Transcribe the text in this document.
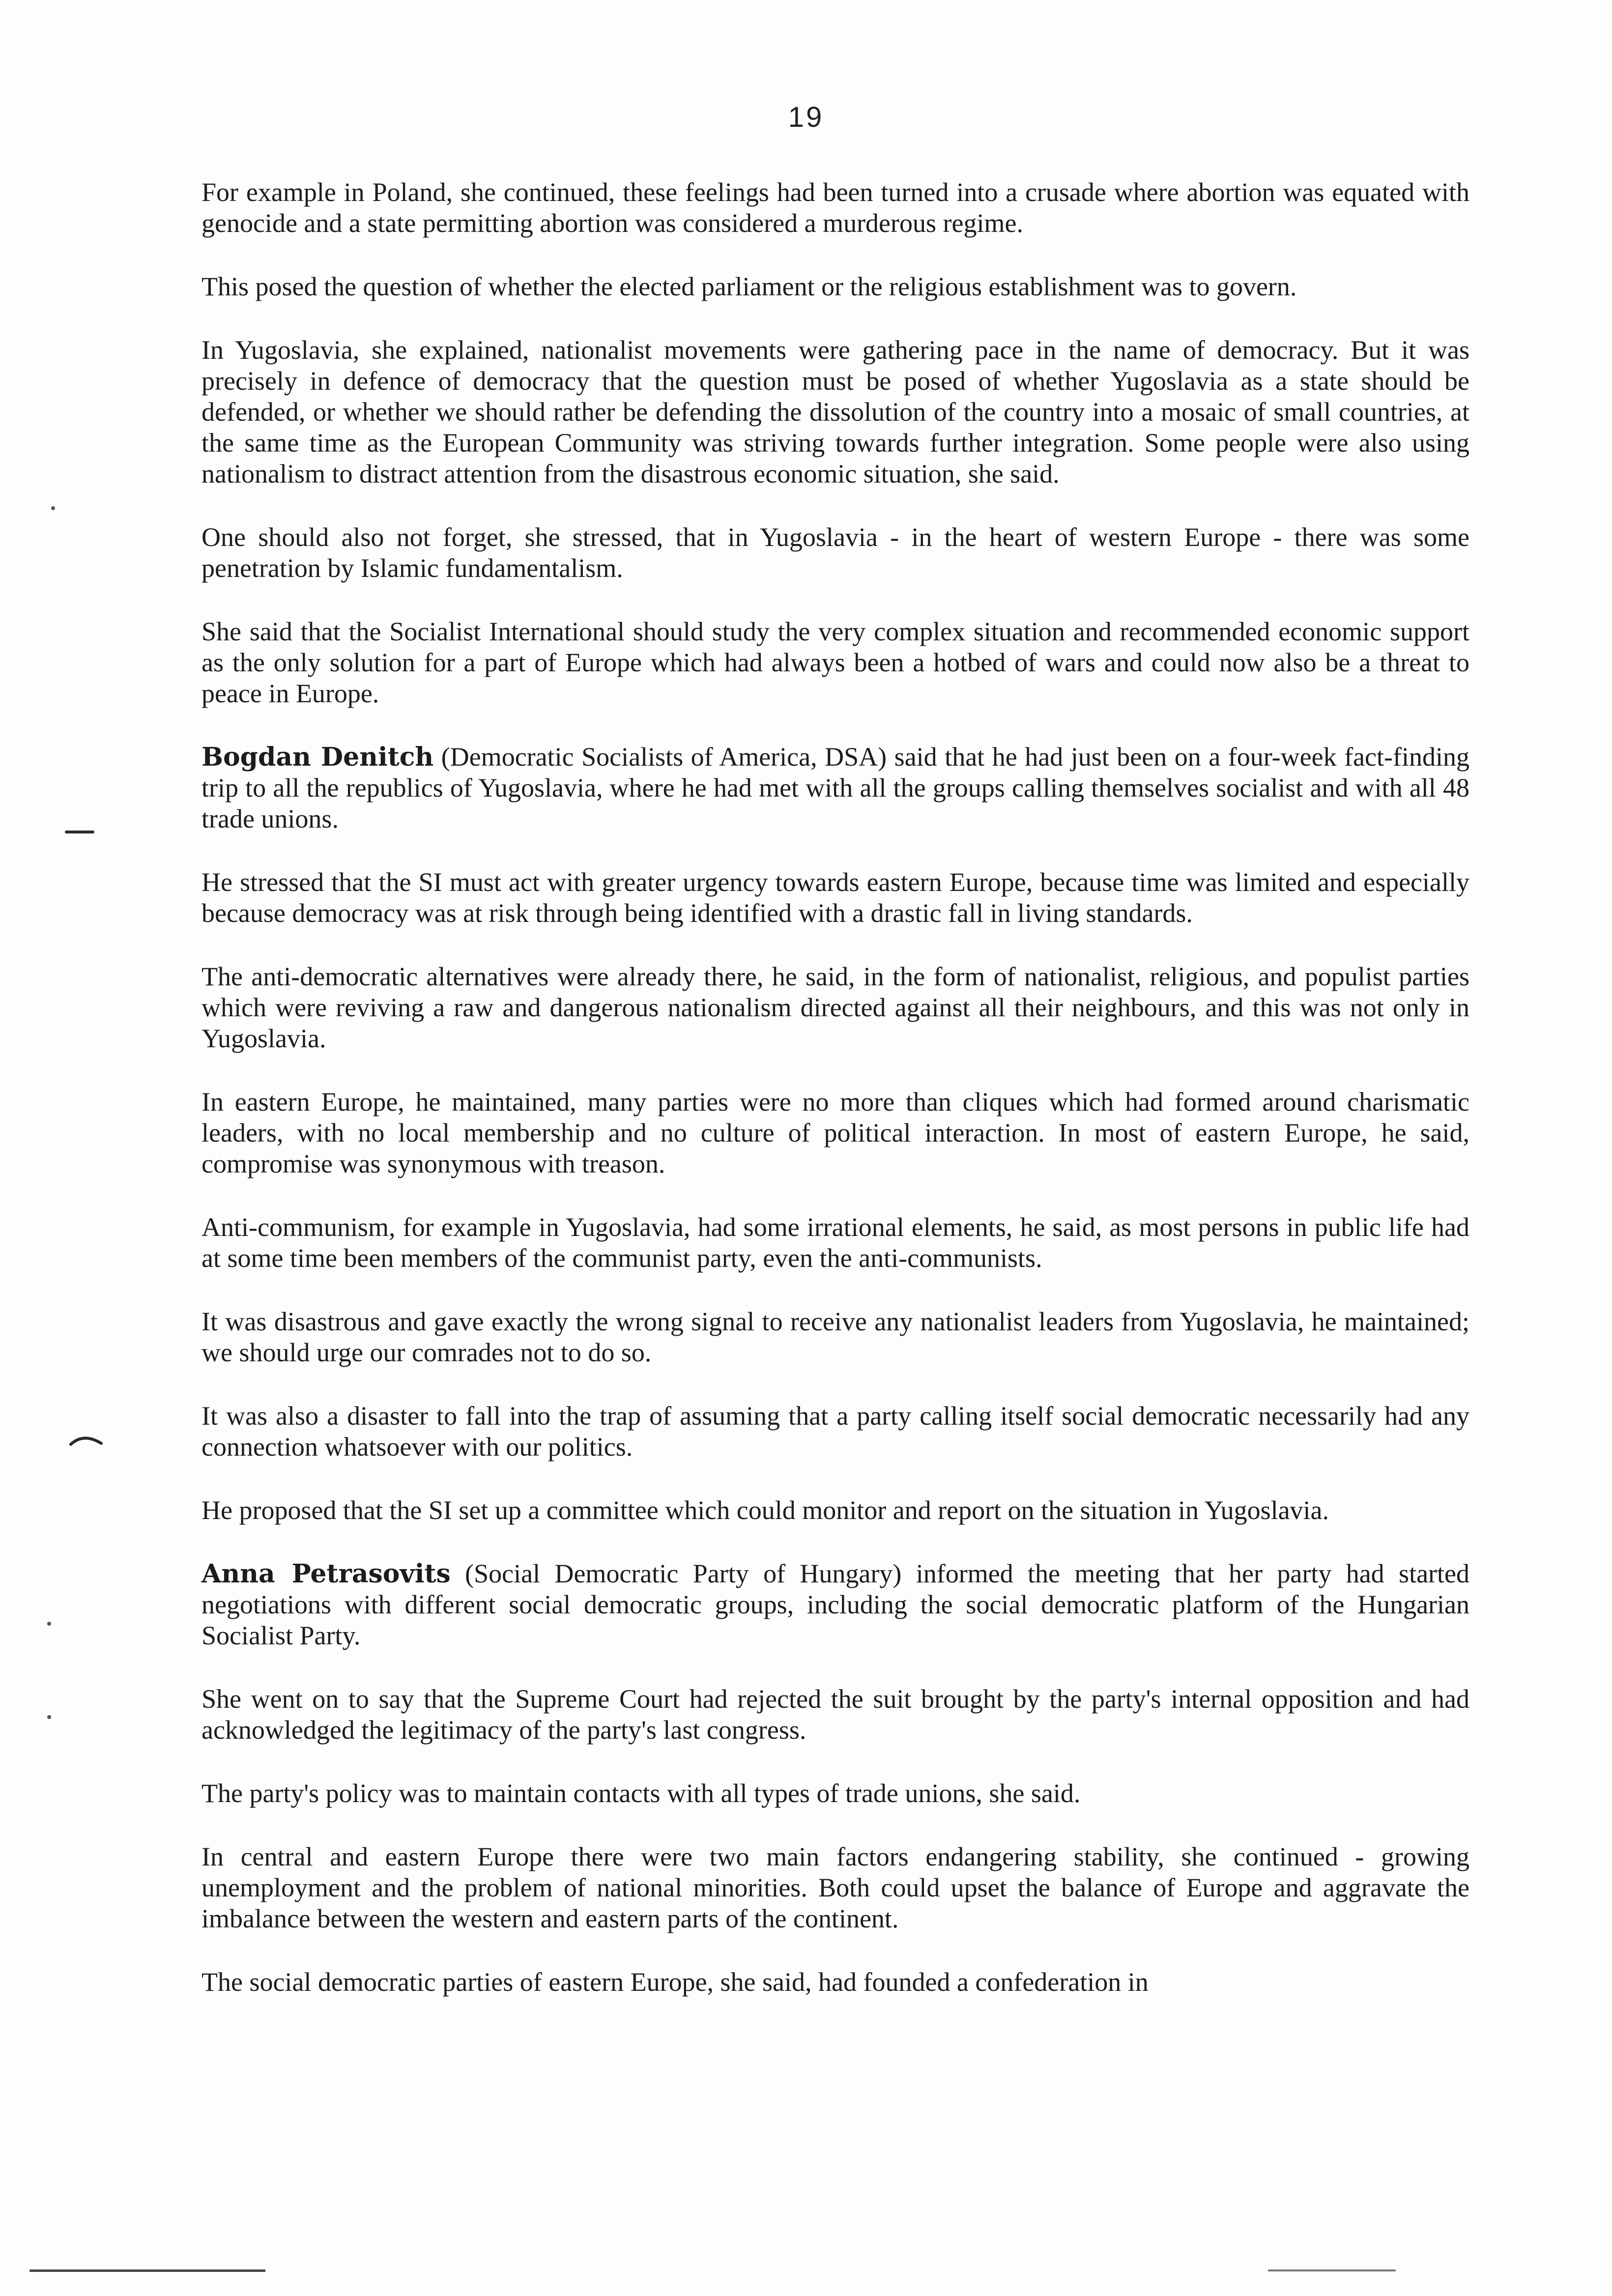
19

For example in Poland, she continued, these feelings had been turned into a crusade where abortion was equated with genocide and a state permitting abortion was considered a murderous regime.

This posed the question of whether the elected parliament or the religious establishment was to govern.

In Yugoslavia, she explained, nationalist movements were gathering pace in the name of democracy. But it was precisely in defence of democracy that the question must be posed of whether Yugoslavia as a state should be defended, or whether we should rather be defending the dissolution of the country into a mosaic of small countries, at the same time as the European Community was striving towards further integration. Some people were also using nationalism to distract attention from the disastrous economic situation, she said.

One should also not forget, she stressed, that in Yugoslavia - in the heart of western Europe - there was some penetration by Islamic fundamentalism.

She said that the Socialist International should study the very complex situation and recommended economic support as the only solution for a part of Europe which had always been a hotbed of wars and could now also be a threat to peace in Europe.

Bogdan Denitch (Democratic Socialists of America, DSA) said that he had just been on a four-week fact-finding trip to all the republics of Yugoslavia, where he had met with all the groups calling themselves socialist and with all 48 trade unions.

He stressed that the SI must act with greater urgency towards eastern Europe, because time was limited and especially because democracy was at risk through being identified with a drastic fall in living standards.

The anti-democratic alternatives were already there, he said, in the form of nationalist, religious, and populist parties which were reviving a raw and dangerous nationalism directed against all their neighbours, and this was not only in Yugoslavia.

In eastern Europe, he maintained, many parties were no more than cliques which had formed around charismatic leaders, with no local membership and no culture of political interaction. In most of eastern Europe, he said, compromise was synonymous with treason.

Anti-communism, for example in Yugoslavia, had some irrational elements, he said, as most persons in public life had at some time been members of the communist party, even the anti-communists.

It was disastrous and gave exactly the wrong signal to receive any nationalist leaders from Yugoslavia, he maintained; we should urge our comrades not to do so.

It was also a disaster to fall into the trap of assuming that a party calling itself social democratic necessarily had any connection whatsoever with our politics.

He proposed that the SI set up a committee which could monitor and report on the situation in Yugoslavia.

Anna Petrasovits (Social Democratic Party of Hungary) informed the meeting that her party had started negotiations with different social democratic groups, including the social democratic platform of the Hungarian Socialist Party.

She went on to say that the Supreme Court had rejected the suit brought by the party's internal opposition and had acknowledged the legitimacy of the party's last congress.

The party's policy was to maintain contacts with all types of trade unions, she said.

In central and eastern Europe there were two main factors endangering stability, she continued - growing unemployment and the problem of national minorities. Both could upset the balance of Europe and aggravate the imbalance between the western and eastern parts of the continent.

The social democratic parties of eastern Europe, she said, had founded a confederation in
